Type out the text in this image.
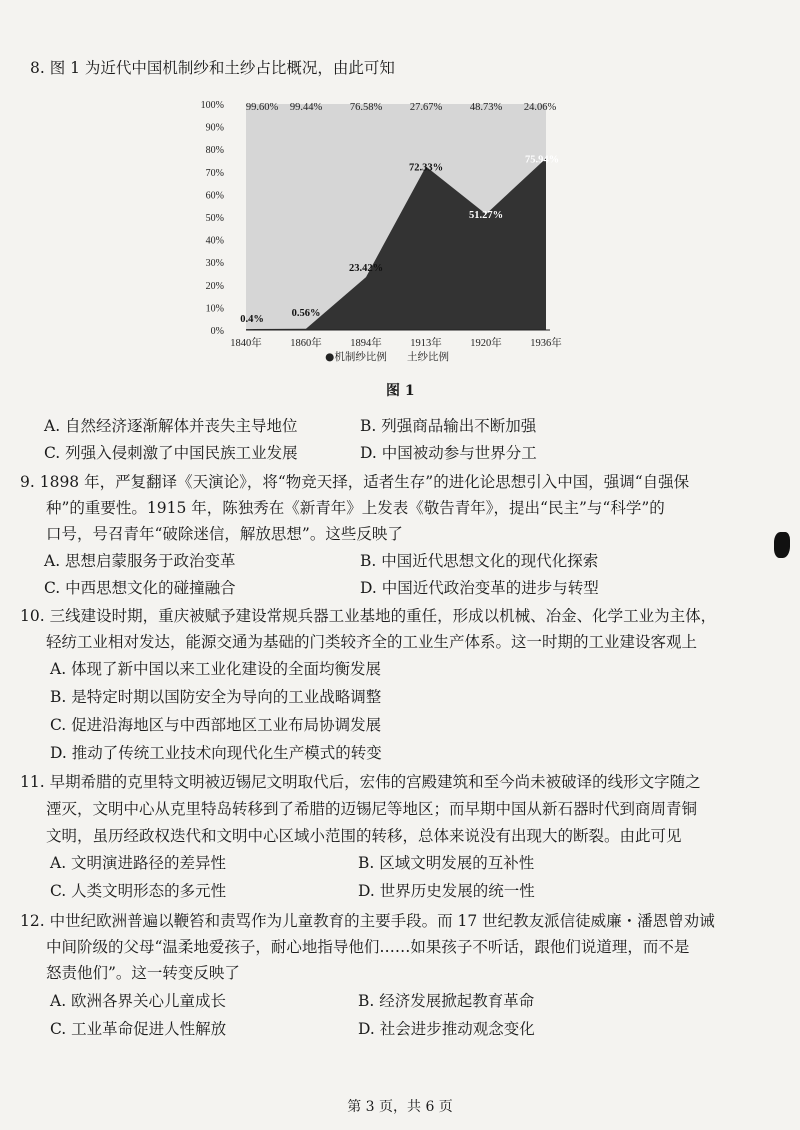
8. 图 1 为近代中国机制纱和土纱占比概况，由此可知
0%
10%
20%
30%
40%
50%
60%
70%
80%
90%
100%
1840年	1860年	1894年	1913年	1920年	1936年
99.60% 99.44%	76.58%	27.67%	48.73% 24.06%
0.4%
0.56%
23.42%
72.33%
51.27%
75.94%
●机制纱比例 土纱比例
图 1
A. 自然经济逐渐解体并丧失主导地位	B. 列强商品输出不断加强
C. 列强入侵刺激了中国民族工业发展	D. 中国被动参与世界分工
9. 1898 年，严复翻译《天演论》，将“物竞天择，适者生存”的进化论思想引入中国，强调“自强保
种”的重要性。1915 年，陈独秀在《新青年》上发表《敬告青年》，提出“民主”与“科学”的
口号，号召青年“破除迷信，解放思想”。这些反映了
A. 思想启蒙服务于政治变革	B. 中国近代思想文化的现代化探索
C. 中西思想文化的碰撞融合	D. 中国近代政治变革的进步与转型
10. 三线建设时期，重庆被赋予建设常规兵器工业基地的重任，形成以机械、冶金、化学工业为主体，
轻纺工业相对发达，能源交通为基础的门类较齐全的工业生产体系。这一时期的工业建设客观上
A. 体现了新中国以来工业化建设的全面均衡发展
B. 是特定时期以国防安全为导向的工业战略调整
C. 促进沿海地区与中西部地区工业布局协调发展
D. 推动了传统工业技术向现代化生产模式的转变
11. 早期希腊的克里特文明被迈锡尼文明取代后，宏伟的宫殿建筑和至今尚未被破译的线形文字随之
湮灭，文明中心从克里特岛转移到了希腊的迈锡尼等地区；而早期中国从新石器时代到商周青铜
文明，虽历经政权迭代和文明中心区域小范围的转移，总体来说没有出现大的断裂。由此可见
A. 文明演进路径的差异性	B. 区域文明发展的互补性
C. 人类文明形态的多元性	D. 世界历史发展的统一性
12. 中世纪欧洲普遍以鞭笞和责骂作为儿童教育的主要手段。而 17 世纪教友派信徒威廉・潘恩曾劝诫
中间阶级的父母“温柔地爱孩子，耐心地指导他们……如果孩子不听话，跟他们说道理，而不是
怒责他们”。这一转变反映了
A. 欧洲各界关心儿童成长	B. 经济发展掀起教育革命
C. 工业革命促进人性解放	D. 社会进步推动观念变化
第 3 页，共 6 页
